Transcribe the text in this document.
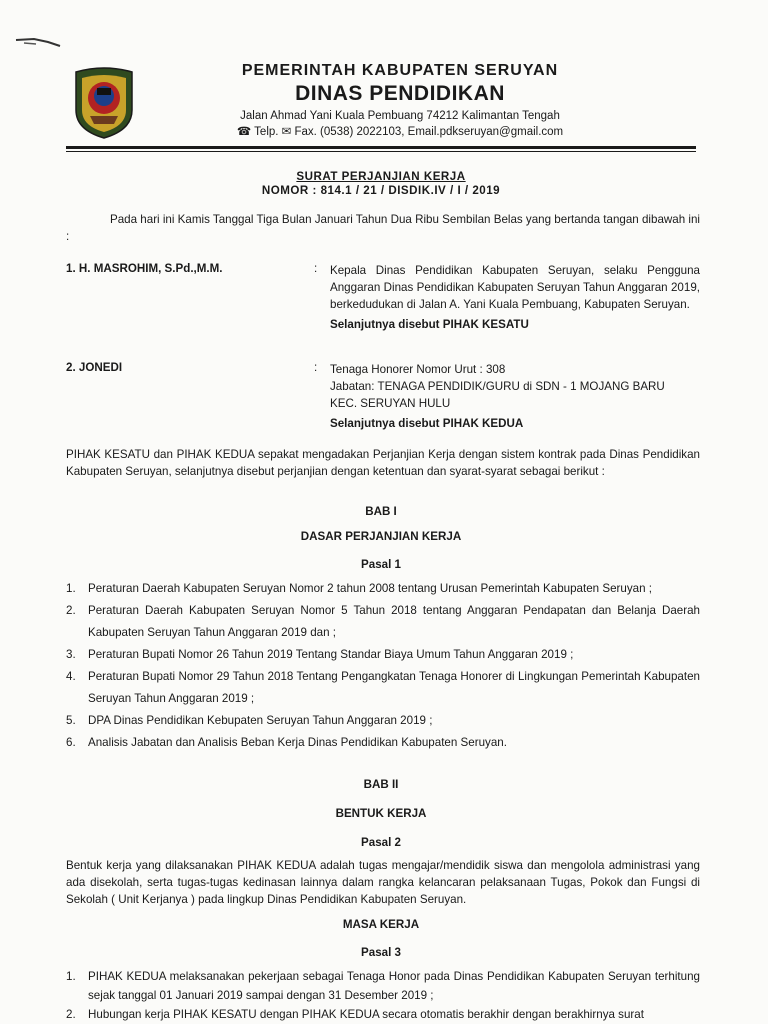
PEMERINTAH KABUPATEN SERUYAN
DINAS PENDIDIKAN
Jalan Ahmad Yani Kuala Pembuang 74212 Kalimantan Tengah
☎ Telp. ✉ Fax. (0538) 2022103, Email.pdkseruyan@gmail.com
SURAT PERJANJIAN KERJA
NOMOR : 814.1 / 21 / DISDIK.IV / I / 2019
Pada hari ini Kamis Tanggal Tiga Bulan Januari Tahun Dua Ribu Sembilan Belas yang bertanda tangan dibawah ini :
1. H. MASROHIM, S.Pd.,M.M.	: Kepala Dinas Pendidikan Kabupaten Seruyan, selaku Pengguna Anggaran Dinas Pendidikan Kabupaten Seruyan Tahun Anggaran 2019, berkedudukan di Jalan A. Yani Kuala Pembuang, Kabupaten Seruyan.
Selanjutnya disebut PIHAK KESATU
2. JONEDI	: Tenaga Honorer Nomor Urut : 308
Jabatan: TENAGA PENDIDIK/GURU di SDN - 1 MOJANG BARU
KEC. SERUYAN HULU
Selanjutnya disebut PIHAK KEDUA
PIHAK KESATU dan PIHAK KEDUA sepakat mengadakan Perjanjian Kerja dengan sistem kontrak pada Dinas Pendidikan Kabupaten Seruyan, selanjutnya disebut perjanjian dengan ketentuan dan syarat-syarat sebagai berikut :
BAB I
DASAR PERJANJIAN KERJA
Pasal 1
1. Peraturan Daerah Kabupaten Seruyan Nomor 2 tahun 2008 tentang Urusan Pemerintah Kabupaten Seruyan ;
2. Peraturan Daerah Kabupaten Seruyan Nomor 5 Tahun 2018 tentang Anggaran Pendapatan dan Belanja Daerah Kabupaten Seruyan Tahun Anggaran 2019 dan ;
3. Peraturan Bupati Nomor 26 Tahun 2019 Tentang Standar Biaya Umum Tahun Anggaran 2019 ;
4. Peraturan Bupati Nomor 29 Tahun 2018 Tentang Pengangkatan Tenaga Honorer di Lingkungan Pemerintah Kabupaten Seruyan Tahun Anggaran 2019 ;
5. DPA Dinas Pendidikan Kebupaten Seruyan Tahun Anggaran 2019 ;
6. Analisis Jabatan dan Analisis Beban Kerja Dinas Pendidikan Kabupaten Seruyan.
BAB II
BENTUK KERJA
Pasal 2
Bentuk kerja yang dilaksanakan PIHAK KEDUA adalah tugas mengajar/mendidik siswa dan mengolola administrasi yang ada disekolah, serta tugas-tugas kedinasan lainnya dalam rangka kelancaran pelaksanaan Tugas, Pokok dan Fungsi di Sekolah ( Unit Kerjanya ) pada lingkup Dinas Pendidikan Kabupaten Seruyan.
MASA KERJA
Pasal 3
1. PIHAK KEDUA melaksanakan pekerjaan sebagai Tenaga Honor pada Dinas Pendidikan Kabupaten Seruyan terhitung sejak tanggal 01 Januari 2019 sampai dengan 31 Desember 2019 ;
2. Hubungan kerja PIHAK KESATU dengan PIHAK KEDUA secara otomatis berakhir dengan berakhirnya surat
